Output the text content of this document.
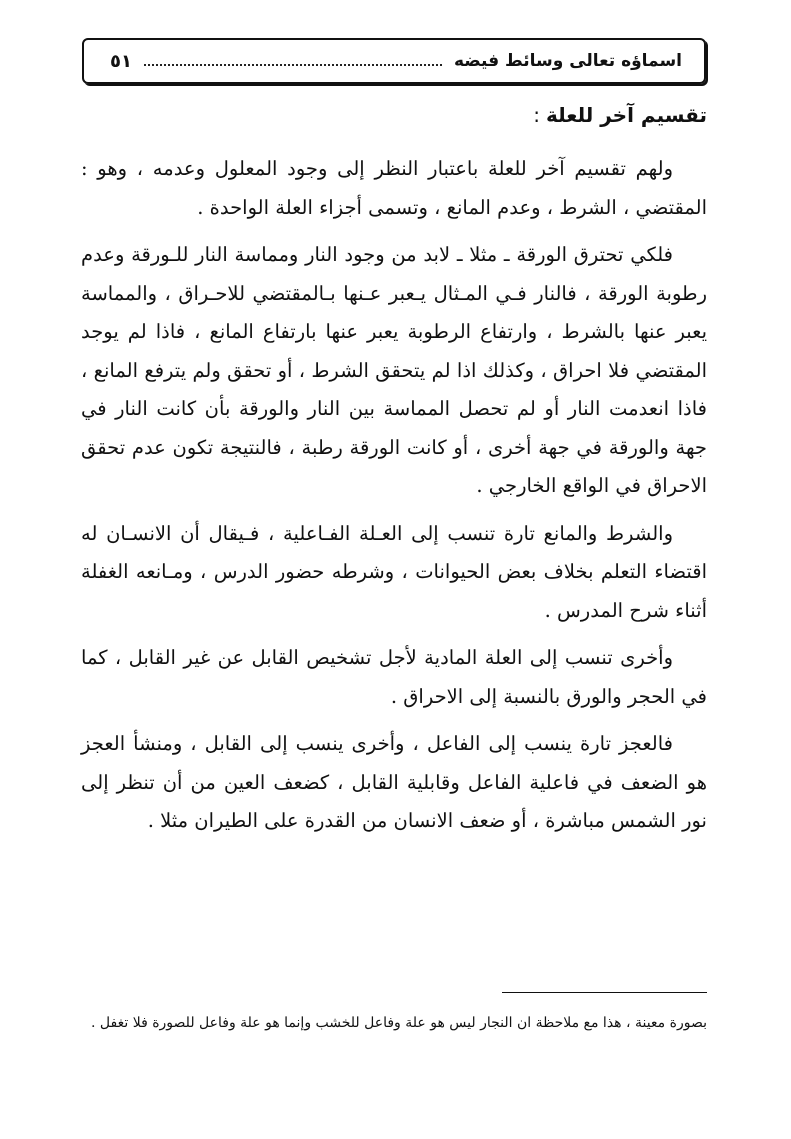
اسماؤه تعالى وسائط فيضه
٥١
تقسيم آخر للعلة:

ولهم تقسيم آخر للعلة باعتبار النظر إلى وجود المعلول وعدمه ، وهو : المقتضي ، الشرط ، وعدم المانع ، وتسمى أجزاء العلة الواحدة .

فلكي تحترق الورقة ـ مثلا ـ لابد من وجود النار ومماسة النار للـورقة وعدم رطوبة الورقة ، فالنار فـي المـثال يـعبر عـنها بـالمقتضي للاحـراق ، والمماسة يعبر عنها بالشرط ، وارتفاع الرطوبة يعبر عنها بارتفاع المانع ، فاذا لم يوجد المقتضي فلا احراق ، وكذلك اذا لم يتحقق الشرط ، أو تحقق ولم يترفع المانع ، فاذا انعدمت النار أو لم تحصل المماسة بين النار والورقة بأن كانت النار في جهة والورقة في جهة أخرى ، أو كانت الورقة رطبة ، فالنتيجة تكون عدم تحقق الاحراق في الواقع الخارجي .

والشرط والمانع تارة تنسب إلى العـلة الفـاعلية ، فـيقال أن الانسـان له اقتضاء التعلم بخلاف بعض الحيوانات ، وشرطه حضور الدرس ، ومـانعه الغفلة أثناء شرح المدرس .

وأخرى تنسب إلى العلة المادية لأجل تشخيص القابل عن غير القابل ، كما في الحجر والورق بالنسبة إلى الاحراق .

فالعجز تارة ينسب إلى الفاعل ، وأخرى ينسب إلى القابل ، ومنشأ العجز هو الضعف في فاعلية الفاعل وقابلية القابل ، كضعف العين من أن تنظر إلى نور الشمس مباشرة ، أو ضعف الانسان من القدرة على الطيران مثلا .

بصورة معينة ، هذا مع ملاحظة ان النجار ليس هو علة وفاعل للخشب وإنما هو علة وفاعل للصورة فلا تغفل .
